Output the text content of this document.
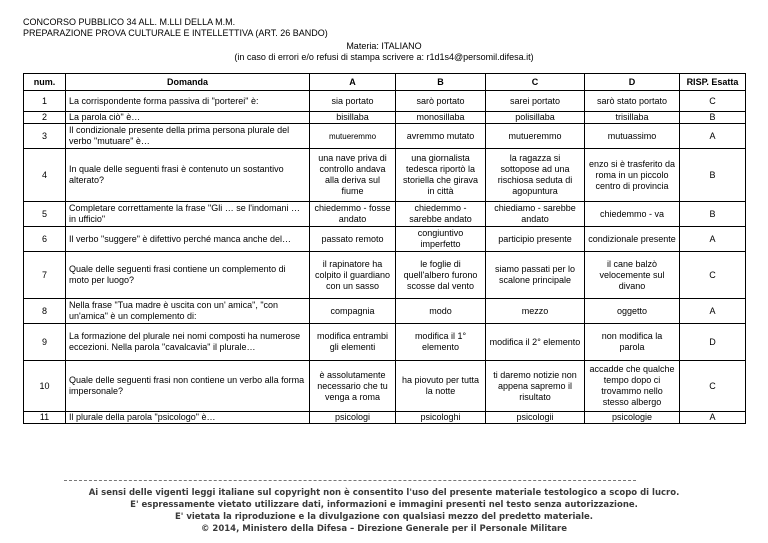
CONCORSO PUBBLICO 34 ALL. M.LLI DELLA M.M.
PREPARAZIONE PROVA CULTURALE E INTELLETTIVA (ART. 26 BANDO)
Materia: ITALIANO
(in caso di errori e/o refusi di stampa scrivere a: r1d1s4@persomil.difesa.it)
num.	Domanda	A	B	C	D	RISP. Esatta
1	La corrispondente forma passiva di "porterei" è:	sia portato	sarò portato	sarei portato	sarò stato portato	C
2	La parola ciò" è…	bisillaba	monosillaba	polisillaba	trisillaba	B
3	Il condizionale presente della prima persona plurale del verbo "mutuare" è…	mutueremmo	avremmo mutato	mutueremmo	mutuassimo	A
4	In quale delle seguenti frasi è contenuto un sostantivo alterato?	una nave priva di controllo andava alla deriva sul fiume	una giornalista tedesca riportò la storiella che girava in città	la ragazza si sottopose ad una rischiosa seduta di agopuntura	enzo si è trasferito da roma in un piccolo centro di provincia	B
5	Completare correttamente la frase "Gli … se l'indomani … in ufficio"	chiedemmo - fosse andato	chiedemmo - sarebbe andato	chiediamo - sarebbe andato	chiedemmo - va	B
6	Il verbo "suggere" è difettivo perché manca anche del…	passato remoto	congiuntivo imperfetto	participio presente	condizionale presente	A
7	Quale delle seguenti frasi contiene un complemento di moto per luogo?	il rapinatore ha colpito il guardiano con un sasso	le foglie di quell'albero furono scosse dal vento	siamo passati per lo scalone principale	il cane balzò velocemente sul divano	C
8	Nella frase "Tua madre è uscita con un' amica", "con un'amica" è un complemento di:	compagnia	modo	mezzo	oggetto	A
9	La formazione del plurale nei nomi composti ha numerose eccezioni. Nella parola "cavalcavia" il plurale…	modifica entrambi gli elementi	modifica il 1° elemento	modifica il 2° elemento	non modifica la parola	D
10	Quale delle seguenti frasi non contiene un verbo alla forma impersonale?	è assolutamente necessario che tu venga a roma	ha piovuto per tutta la notte	ti daremo notizie non appena sapremo il risultato	accadde che qualche tempo dopo ci trovammo nello stesso albergo	C
11	Il plurale della parola "psicologo" è…	psicologi	psicologhi	psicologii	psicologie	A
Ai sensi delle vigenti leggi italiane sul copyright non è consentito l'uso del presente materiale testologico a scopo di lucro.
E' espressamente vietato utilizzare dati, informazioni e immagini presenti nel testo senza autorizzazione.
E' vietata la riproduzione e la divulgazione con qualsiasi mezzo del predetto materiale.
© 2014, Ministero della Difesa – Direzione Generale per il Personale Militare
